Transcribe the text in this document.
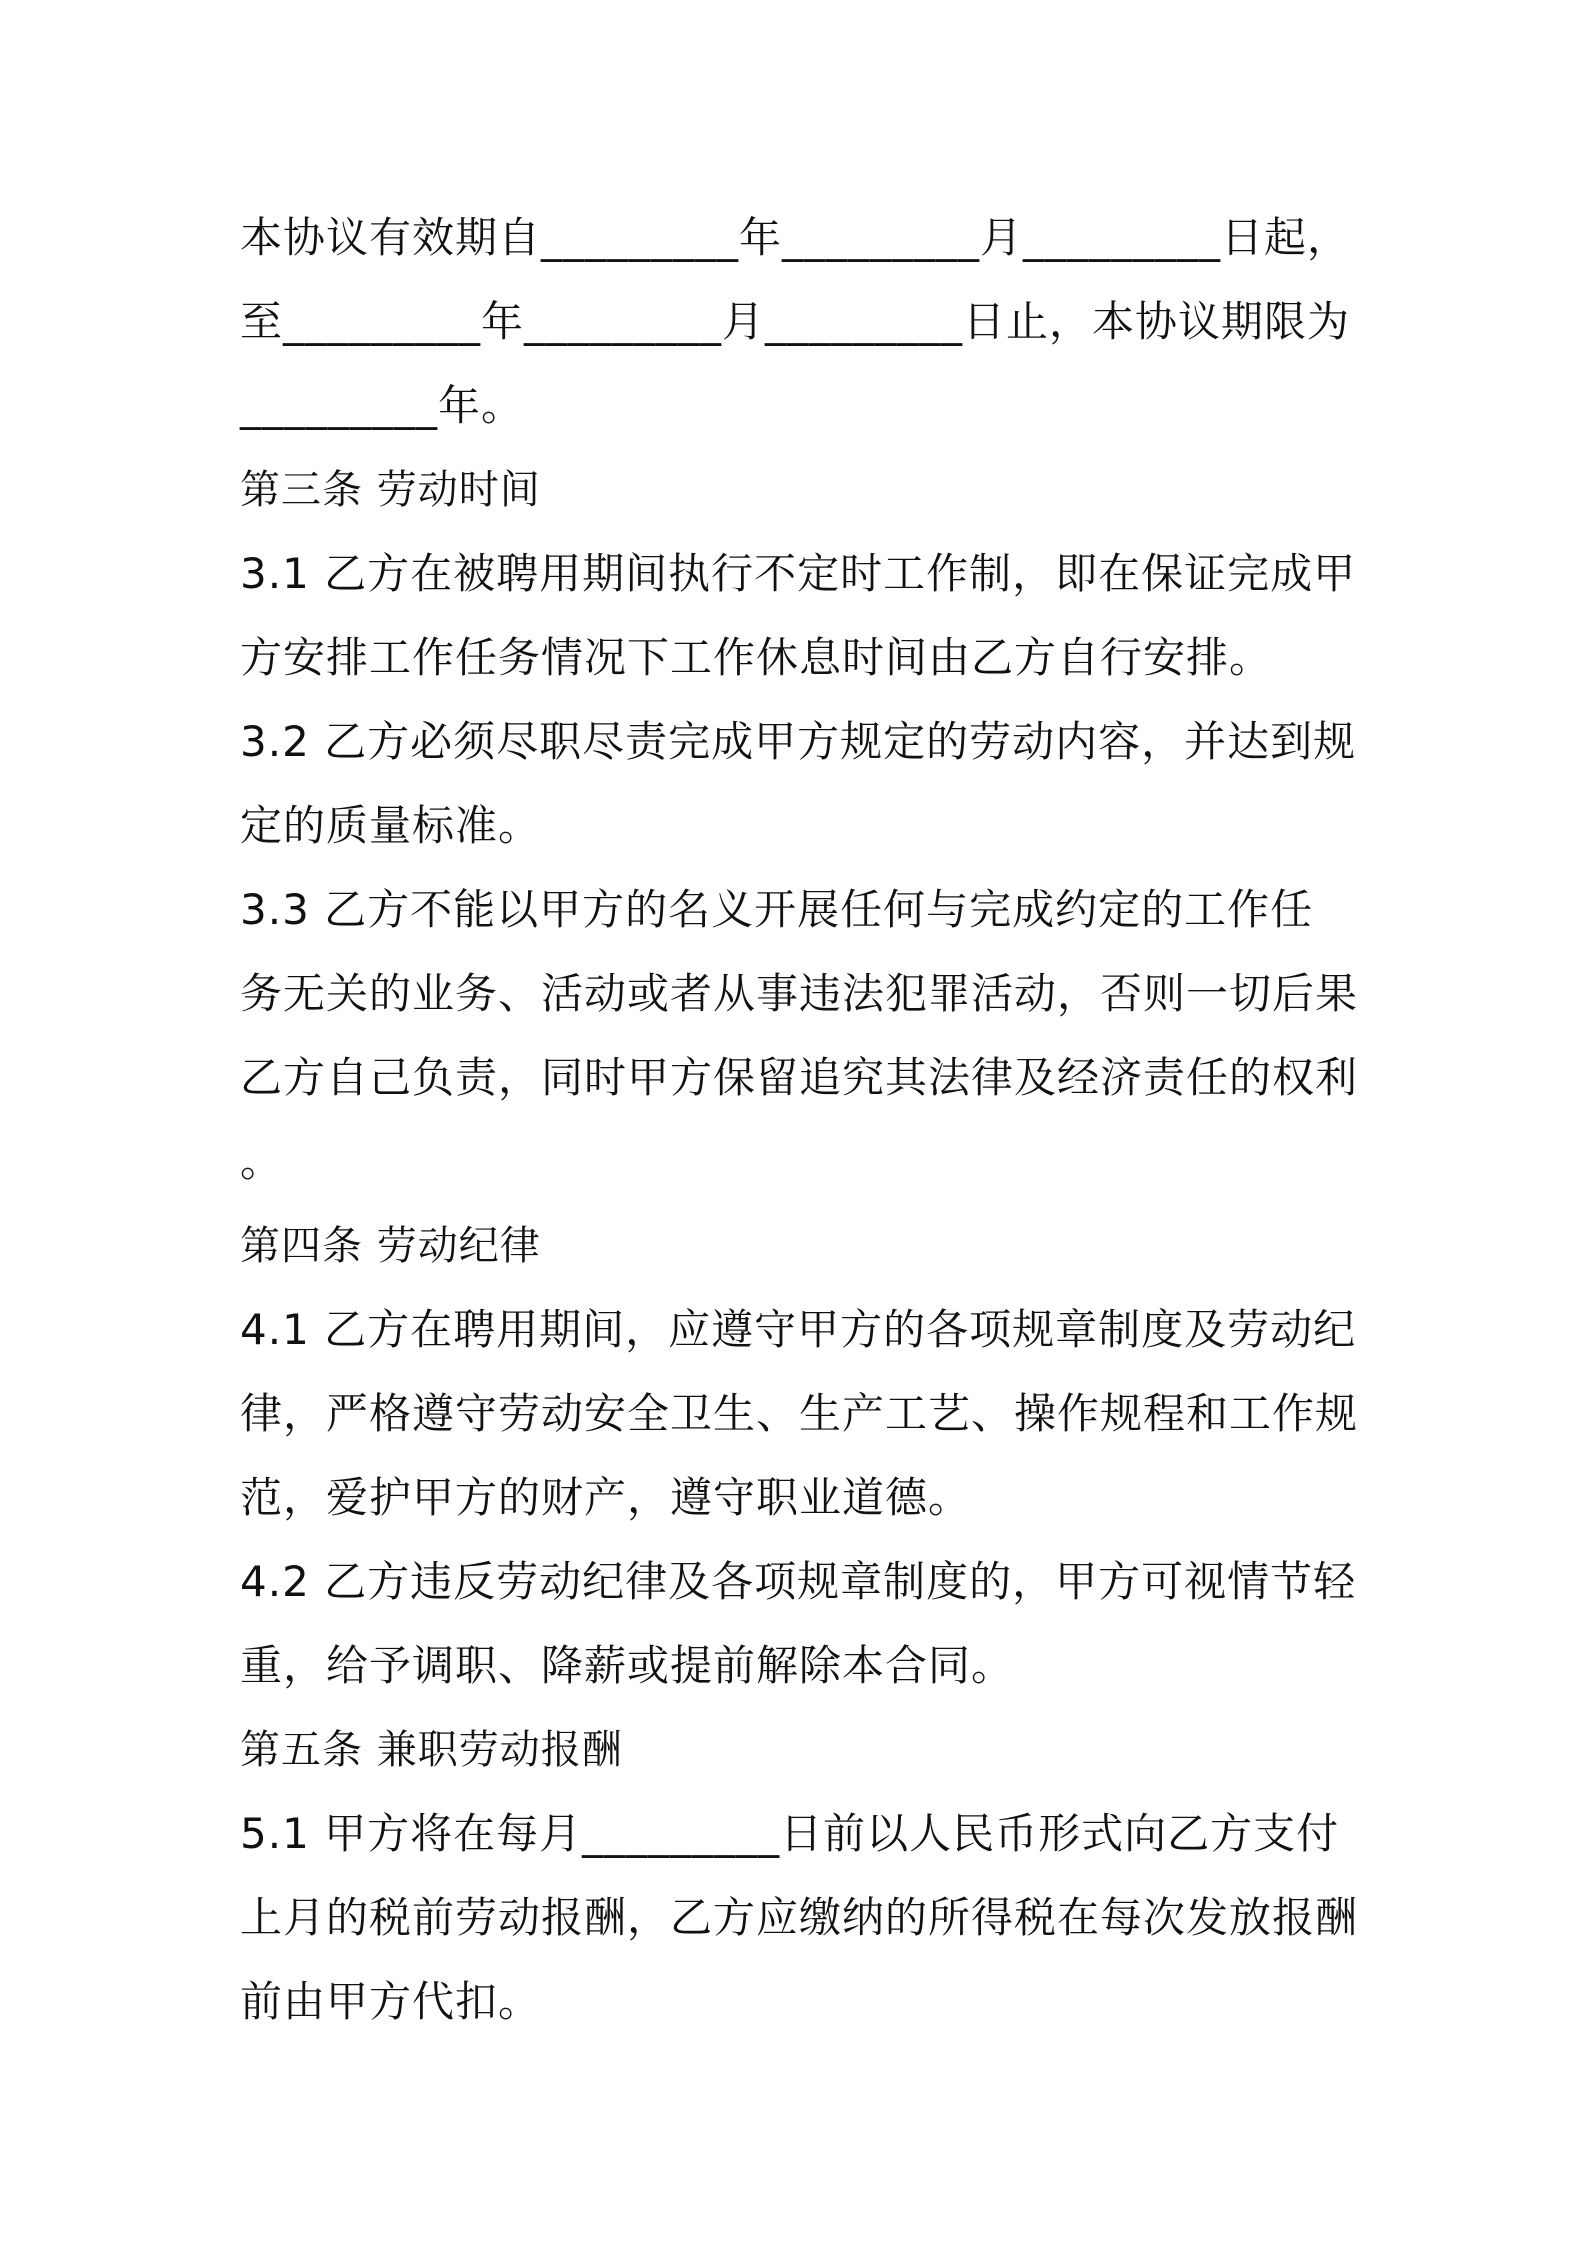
本协议有效期自_________年_________月_________日起，
至_________年_________月_________日止，本协议期限为
_________年。
第三条 劳动时间
3.1 乙方在被聘用期间执行不定时工作制，即在保证完成甲
方安排工作任务情况下工作休息时间由乙方自行安排。
3.2 乙方必须尽职尽责完成甲方规定的劳动内容，并达到规
定的质量标准。
3.3 乙方不能以甲方的名义开展任何与完成约定的工作任
务无关的业务、活动或者从事违法犯罪活动，否则一切后果
乙方自己负责，同时甲方保留追究其法律及经济责任的权利
。
第四条 劳动纪律
4.1 乙方在聘用期间，应遵守甲方的各项规章制度及劳动纪
律，严格遵守劳动安全卫生、生产工艺、操作规程和工作规
范，爱护甲方的财产，遵守职业道德。
4.2 乙方违反劳动纪律及各项规章制度的，甲方可视情节轻
重，给予调职、降薪或提前解除本合同。
第五条 兼职劳动报酬
5.1 甲方将在每月_________日前以人民币形式向乙方支付
上月的税前劳动报酬，乙方应缴纳的所得税在每次发放报酬
前由甲方代扣。
